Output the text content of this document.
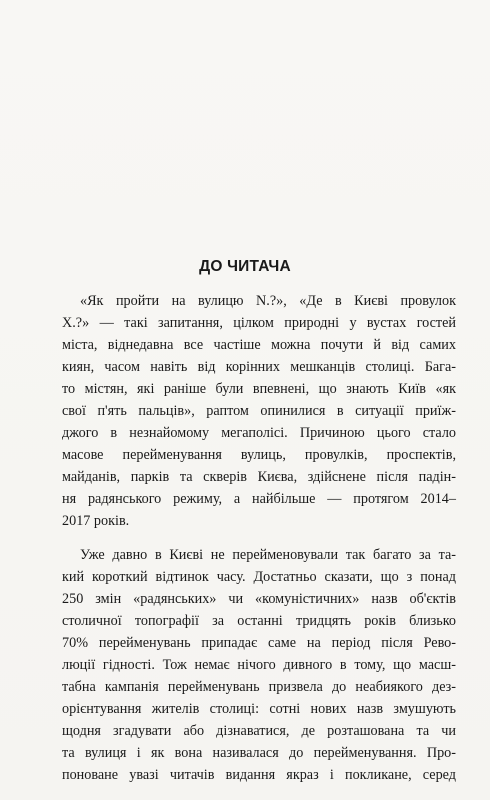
ДО ЧИТАЧА

«Як пройти на вулицю N.?», «Де в Києві провулок

X.?» — такі запитання, цілком природні у вустах гостей

міста, віднедавна все частіше можна почути й від самих

киян, часом навіть від корінних мешканців столиці. Бага-

то містян, які раніше були впевнені, що знають Київ «як

свої п'ять пальців», раптом опинилися в ситуації приїж-

джого в незнайомому мегаполісі. Причиною цього стало

масове перейменування вулиць, провулків, проспектів,

майданів, парків та скверів Києва, здійснене після падін-

ня радянського режиму, а найбільше — протягом 2014–

2017 років.

Уже давно в Києві не перейменовували так багато за та-

кий короткий відтинок часу. Достатньо сказати, що з понад

250 змін «радянських» чи «комуністичних» назв об'єктів

столичної топографії за останні тридцять років близько

70% перейменувань припадає саме на період після Рево-

люції гідності. Тож немає нічого дивного в тому, що масш-

табна кампанія перейменувань призвела до неабиякого дез-

орієнтування жителів столиці: сотні нових назв змушують

щодня згадувати або дізнаватися, де розташована та чи

та вулиця і як вона називалася до перейменування. Про-

поноване увазі читачів видання якраз і покликане, серед
